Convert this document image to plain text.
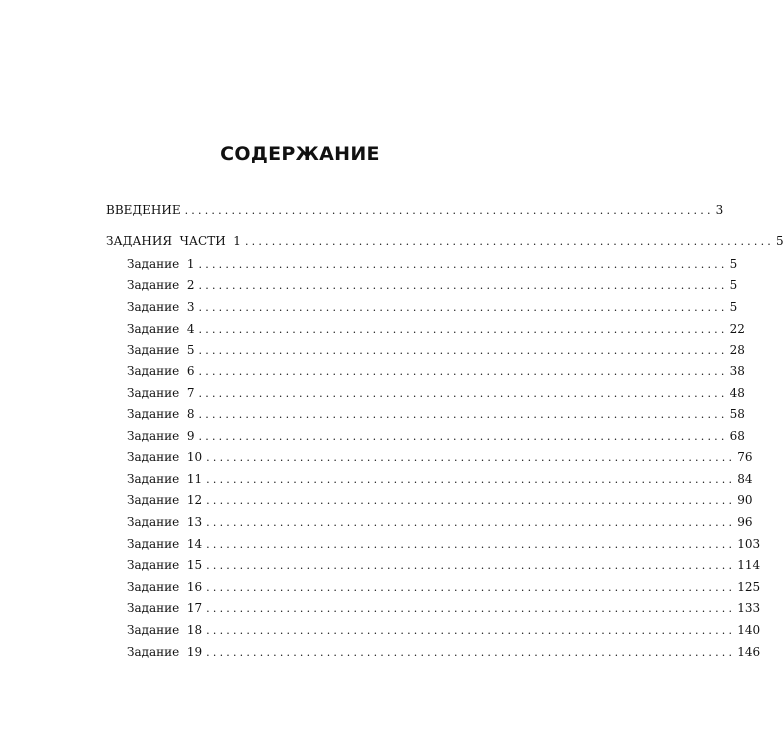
СОДЕРЖАНИЕ
ВВЕДЕНИЕ ............................................................................... 3
ЗАДАНИЯ  ЧАСТИ  1 ............................................................................... 5
Задание  1 ............................................................................... 5
Задание  2 ............................................................................... 5
Задание  3 ............................................................................... 5
Задание  4 ............................................................................... 22
Задание  5 ............................................................................... 28
Задание  6 ............................................................................... 38
Задание  7 ............................................................................... 48
Задание  8 ............................................................................... 58
Задание  9 ............................................................................... 68
Задание  10 ............................................................................... 76
Задание  11 ............................................................................... 84
Задание  12 ............................................................................... 90
Задание  13 ............................................................................... 96
Задание  14 ............................................................................... 103
Задание  15 ............................................................................... 114
Задание  16 ............................................................................... 125
Задание  17 ............................................................................... 133
Задание  18 ............................................................................... 140
Задание  19 ............................................................................... 146
